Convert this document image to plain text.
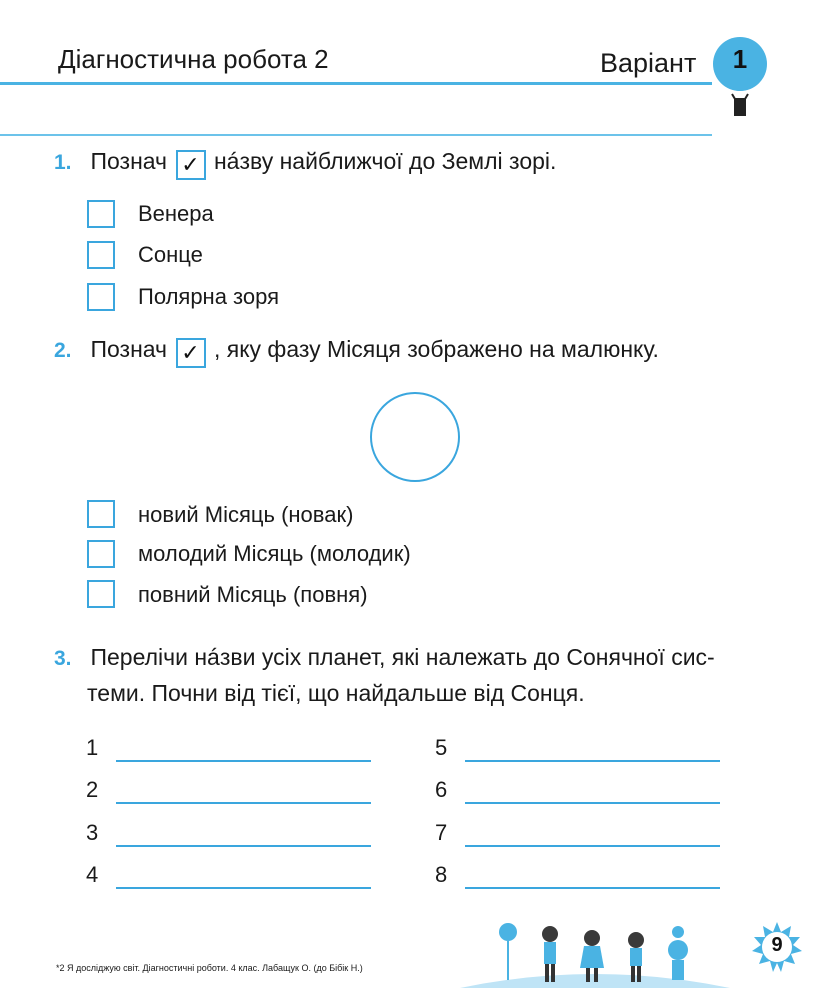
Діагностична робота 2	Варіант	1
1. Познач ✓ нáзву найближчої до Землі зорі.
Венера
Сонце
Полярна зоря
2. Познач ✓ , яку фазу Місяця зображено на малюнку.
новий Місяць (новак)
молодий Місяць (молодик)
повний Місяць (повня)
3. Перелічи нáзви усіх планет, які належать до Сонячної сис-
теми. Почни від тієї, що найдальше від Сонця.
1
2
3
4
5
6
7
8
*2 Я досліджую світ. Діагностичні роботи. 4 клас. Лабащук О. (до Бібік Н.)
9
